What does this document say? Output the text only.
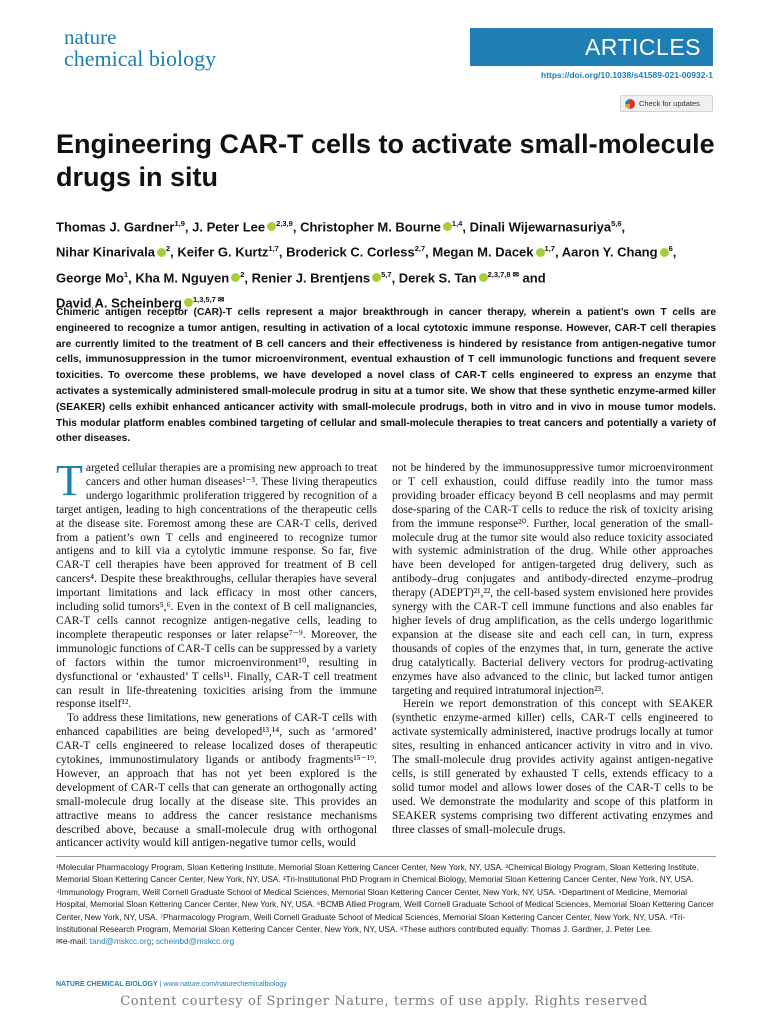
nature
chemical biology	ARTICLES
https://doi.org/10.1038/s41589-021-00932-1
Check for updates
Engineering CAR-T cells to activate small-molecule drugs in situ
Thomas J. Gardner$^{1,9}$, J. Peter Lee $^{2,3,9}$, Christopher M. Bourne $^{1,4}$, Dinali Wijewarnasuriya$^{5,6}$,
Nihar Kinarivala $^2$, Keifer G. Kurtz$^{1,7}$, Broderick C. Corless$^{2,7}$, Megan M. Dacek $^{1,7}$, Aaron Y. Chang $^6$,
George Mo$^1$, Kha M. Nguyen $^2$, Renier J. Brentjens $^{5,7}$, Derek S. Tan $^{2,3,7,8 ✉}$ and
David A. Scheinberg $^{1,3,5,7 ✉}$
Chimeric antigen receptor (CAR)-T cells represent a major breakthrough in cancer therapy, wherein a patient’s own T cells are engineered to recognize a tumor antigen, resulting in activation of a local cytotoxic immune response. However, CAR-T cell therapies are currently limited to the treatment of B cell cancers and their effectiveness is hindered by resistance from antigen-negative tumor cells, immunosuppression in the tumor microenvironment, eventual exhaustion of T cell immunologic functions and frequent severe toxicities. To overcome these problems, we have developed a novel class of CAR-T cells engineered to express an enzyme that activates a systemically administered small-molecule prodrug in situ at a tumor site. We show that these synthetic enzyme-armed killer (SEAKER) cells exhibit enhanced anticancer activity with small-molecule prodrugs, both in vitro and in vivo in mouse tumor models. This modular platform enables combined targeting of cellular and small-molecule therapies to treat cancers and potentially a variety of other diseases.

Targeted cellular therapies are a promising new approach to treat cancers and other human diseases¹⁻³. These living therapeutics undergo logarithmic proliferation triggered by recognition of a target antigen, leading to high concentrations of the therapeutic cells at the disease site. Foremost among these are CAR-T cells, derived from a patient’s own T cells and engineered to recognize tumor antigens and to kill via a cytolytic immune response. So far, five CAR-T cell therapies have been approved for treatment of B cell cancers⁴. Despite these breakthroughs, cellular therapies have several important limitations and lack efficacy in most other cancers, including solid tumors⁵,⁶. Even in the context of B cell malignancies, CAR-T cells cannot recognize antigen-negative cells, leading to incomplete therapeutic responses or later relapse⁷⁻⁹. Moreover, the immunologic functions of CAR-T cells can be suppressed by a variety of factors within the tumor microenvironment¹⁰, resulting in dysfunctional or ‘exhausted’ T cells¹¹. Finally, CAR-T cell treatment can result in life-threatening toxicities arising from the immune response itself¹².

To address these limitations, new generations of CAR-T cells with enhanced capabilities are being developed¹³,¹⁴, such as ‘armored’ CAR-T cells engineered to release localized doses of therapeutic cytokines, immunostimulatory ligands or antibody fragments¹⁵⁻¹⁹. However, an approach that has not yet been explored is the development of CAR-T cells that can generate an orthogonally acting small-molecule drug locally at the disease site. This provides an attractive means to address the cancer resistance mechanisms described above, because a small-molecule drug with orthogonal anticancer activity would kill antigen-negative tumor cells, would

not be hindered by the immunosuppressive tumor microenvironment or T cell exhaustion, could diffuse readily into the tumor mass providing broader efficacy beyond B cell neoplasms and may permit dose-sparing of the CAR-T cells to reduce the risk of toxicity arising from the immune response²⁰. Further, local generation of the small-molecule drug at the tumor site would also reduce toxicity associated with systemic administration of the drug. While other approaches have been developed for antigen-targeted drug delivery, such as antibody–drug conjugates and antibody-directed enzyme–prodrug therapy (ADEPT)²¹,²², the cell-based system envisioned here provides synergy with the CAR-T cell immune functions and also enables far higher levels of drug amplification, as the cells undergo logarithmic expansion at the disease site and each cell can, in turn, express thousands of copies of the enzymes that, in turn, generate the active drug catalytically. Bacterial delivery vectors for prodrug-activating enzymes have also advanced to the clinic, but lacked tumor antigen targeting and required intratumoral injection²³.

Herein we report demonstration of this concept with SEAKER (synthetic enzyme-armed killer) cells, CAR-T cells engineered to activate systemically administered, inactive prodrugs locally at tumor sites, resulting in enhanced anticancer activity in vitro and in vivo. The small-molecule drug provides activity against antigen-negative cells, is still generated by exhausted T cells, extends efficacy to a solid tumor model and allows lower doses of the CAR-T cells to be used. We demonstrate the modularity and scope of this platform in SEAKER systems comprising two different activating enzymes and three classes of small-molecule drugs.

¹Molecular Pharmacology Program, Sloan Kettering Institute, Memorial Sloan Kettering Cancer Center, New York, NY, USA. ²Chemical Biology Program, Sloan Kettering Institute, Memorial Sloan Kettering Cancer Center, New York, NY, USA. ³Tri-Institutional PhD Program in Chemical Biology, Memorial Sloan Kettering Cancer Center, New York, NY, USA. ⁴Immunology Program, Weill Cornell Graduate School of Medical Sciences, Memorial Sloan Kettering Cancer Center, New York, NY, USA. ⁵Department of Medicine, Memorial Hospital, Memorial Sloan Kettering Cancer Center, New York, NY, USA. ⁶BCMB Allied Program, Weill Cornell Graduate School of Medical Sciences, Memorial Sloan Kettering Cancer Center, New York, NY, USA. ⁷Pharmacology Program, Weill Cornell Graduate School of Medical Sciences, Memorial Sloan Kettering Cancer Center, New York, NY, USA. ⁸Tri-Institutional Research Program, Memorial Sloan Kettering Cancer Center, New York, NY, USA. ⁹These authors contributed equally: Thomas J. Gardner, J. Peter Lee.
✉e-mail: tand@mskcc.org; scheinbd@mskcc.org
NATURE CHEMICAL BIOLOGY | www.nature.com/naturechemicalbiology
Content courtesy of Springer Nature, terms of use apply. Rights reserved
